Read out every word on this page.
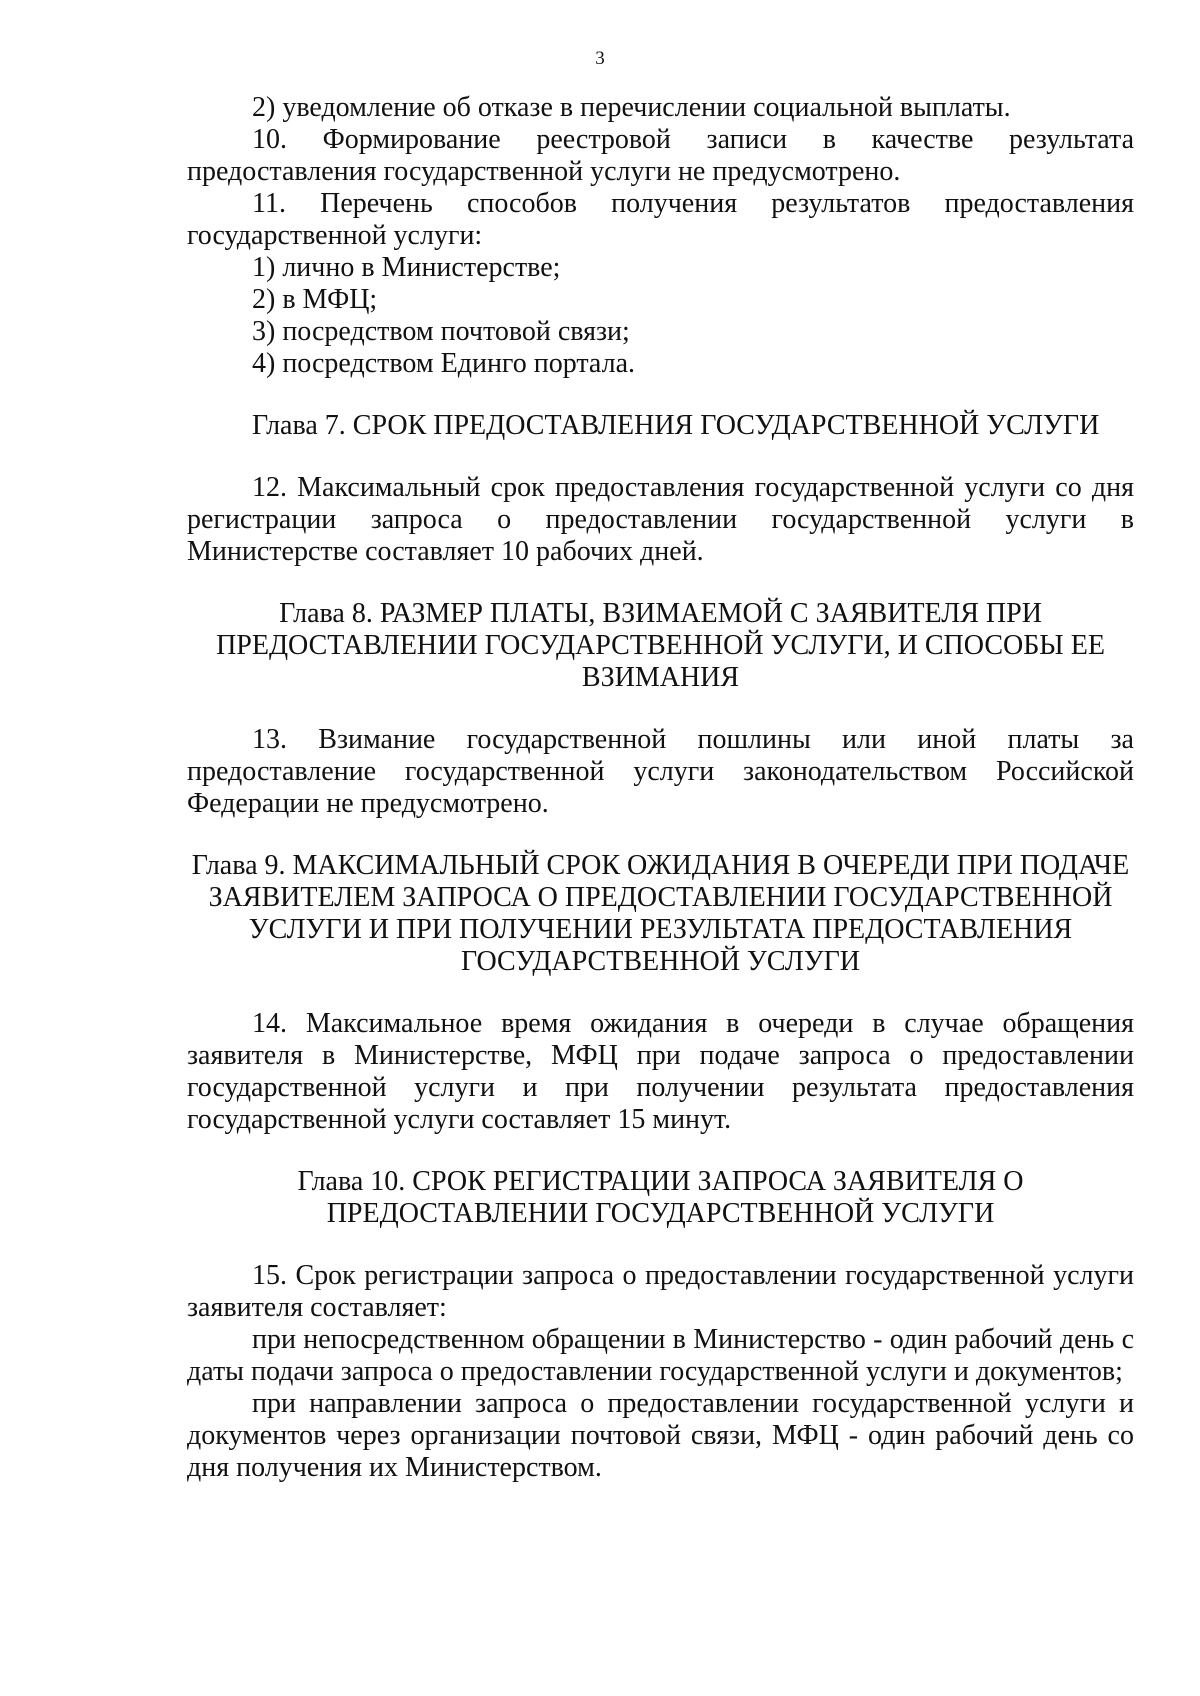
3

2) уведомление об отказе в перечислении социальной выплаты.

10. Формирование реестровой записи в качестве результата предоставления государственной услуги не предусмотрено.

11. Перечень способов получения результатов предоставления государственной услуги:

1) лично в Министерстве;

2) в МФЦ;

3) посредством почтовой связи;

4) посредством Единго портала.

Глава 7. СРОК ПРЕДОСТАВЛЕНИЯ ГОСУДАРСТВЕННОЙ УСЛУГИ

12. Максимальный срок предоставления государственной услуги со дня регистрации запроса о предоставлении государственной услуги в Министерстве составляет 10 рабочих дней.

Глава 8. РАЗМЕР ПЛАТЫ, ВЗИМАЕМОЙ С ЗАЯВИТЕЛЯ ПРИ ПРЕДОСТАВЛЕНИИ ГОСУДАРСТВЕННОЙ УСЛУГИ, И СПОСОБЫ ЕЕ ВЗИМАНИЯ

13. Взимание государственной пошлины или иной платы за предоставление государственной услуги законодательством Российской Федерации не предусмотрено.

Глава 9. МАКСИМАЛЬНЫЙ СРОК ОЖИДАНИЯ В ОЧЕРЕДИ ПРИ ПОДАЧЕ ЗАЯВИТЕЛЕМ ЗАПРОСА О ПРЕДОСТАВЛЕНИИ ГОСУДАРСТВЕННОЙ УСЛУГИ И ПРИ ПОЛУЧЕНИИ РЕЗУЛЬТАТА ПРЕДОСТАВЛЕНИЯ ГОСУДАРСТВЕННОЙ УСЛУГИ

14. Максимальное время ожидания в очереди в случае обращения заявителя в Министерстве, МФЦ при подаче запроса о предоставлении государственной услуги и при получении результата предоставления государственной услуги составляет 15 минут.

Глава 10. СРОК РЕГИСТРАЦИИ ЗАПРОСА ЗАЯВИТЕЛЯ О ПРЕДОСТАВЛЕНИИ ГОСУДАРСТВЕННОЙ УСЛУГИ

15. Срок регистрации запроса о предоставлении государственной услуги заявителя составляет:

при непосредственном обращении в Министерство - один рабочий день с даты подачи запроса о предоставлении государственной услуги и документов;

при направлении запроса о предоставлении государственной услуги и документов через организации почтовой связи, МФЦ - один рабочий день со дня получения их Министерством.
